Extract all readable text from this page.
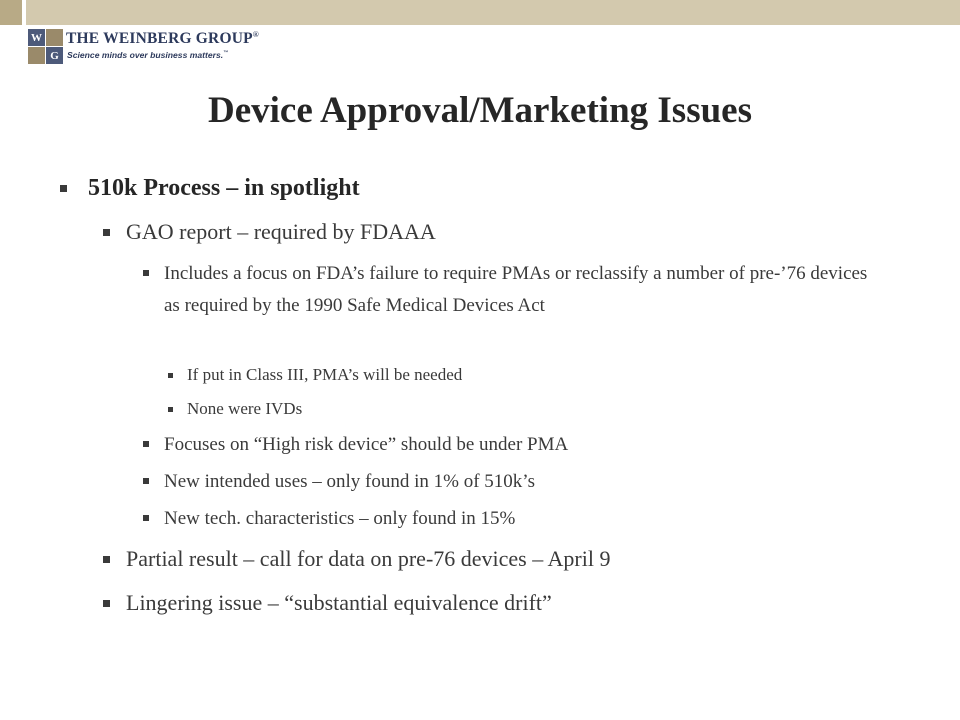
W
G
THE WEINBERG GROUP®
Science minds over business matters.™
Device Approval/Marketing Issues
510k Process – in spotlight
GAO report – required by FDAAA
Includes a focus on FDA’s failure to require PMAs or reclassify a number of pre-’76 devices as required by the 1990 Safe Medical Devices Act
If put in Class III, PMA’s will be needed
None were IVDs
Focuses on “High risk device” should be under PMA
New intended uses – only found in 1% of 510k’s
New tech. characteristics – only found in 15%
Partial result – call for data on pre-76 devices – April 9
Lingering issue – “substantial equivalence drift”
